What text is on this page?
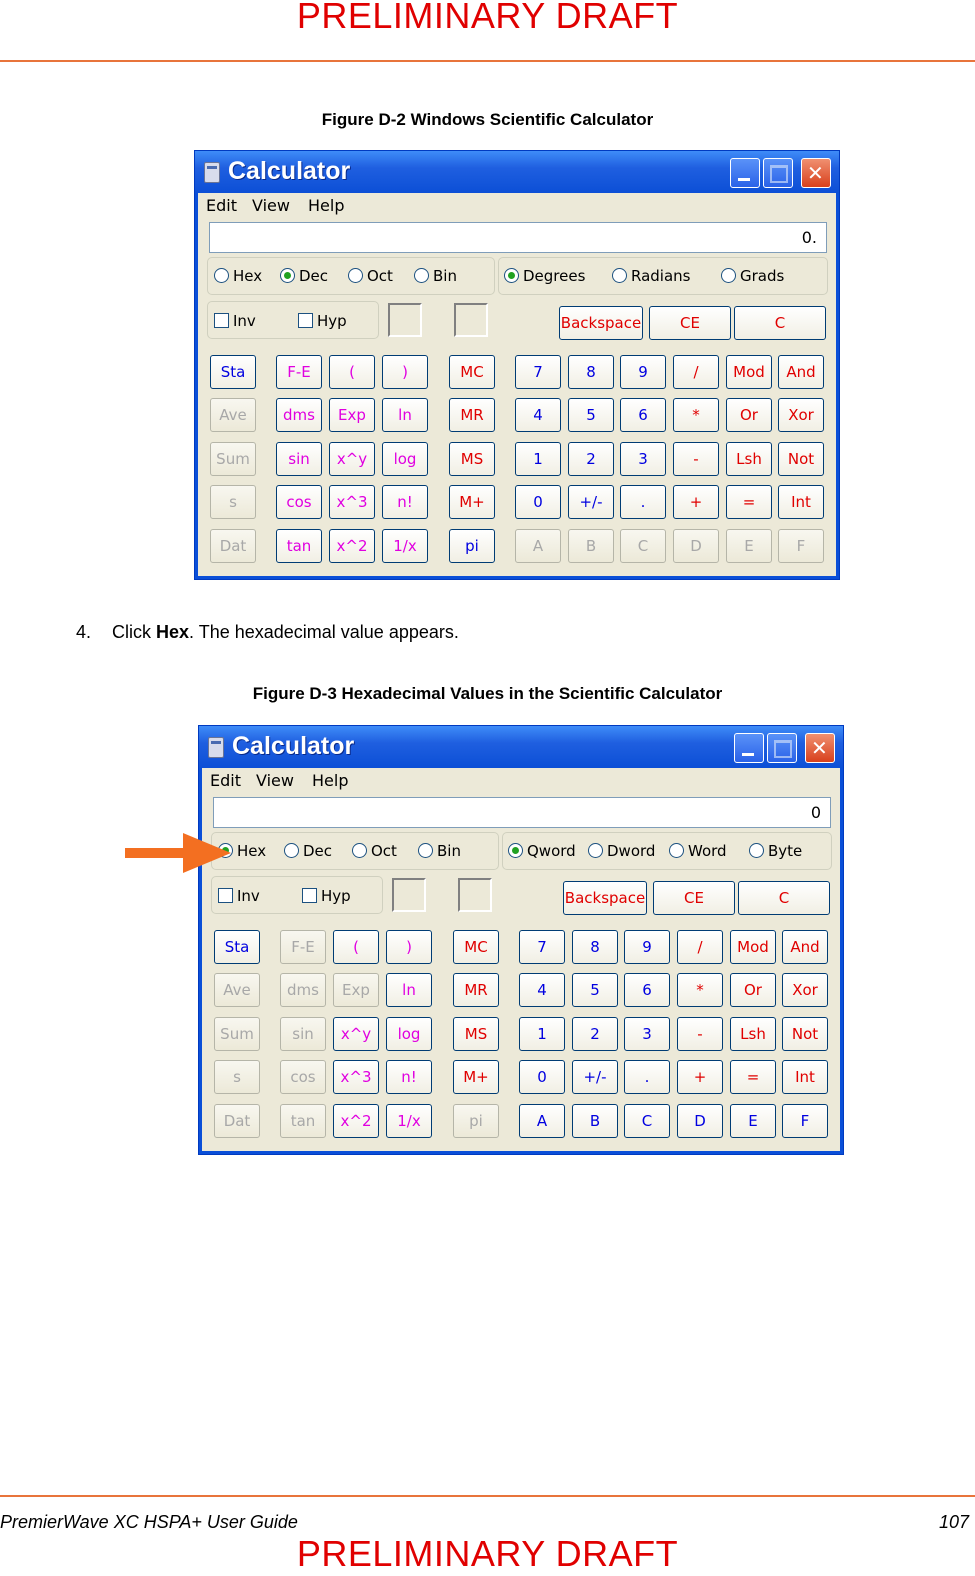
PRELIMINARY DRAFT
Figure D-2 Windows Scientific Calculator
Calculator
✕
Edit View Help
0.
Hex	Dec	Oct	Bin	Degrees	Radians	Grads
Inv	Hyp	Backspace	CE	C
Sta
Ave
Sum
s
Dat
F-E	(	)
dms	Exp	ln
sin	x^y	log
cos	x^3	n!
tan	x^2	1/x
MC
MR
MS
M+
pi
7	8	9	/	Mod	And
4	5	6	*	Or	Xor
1	2	3	-	Lsh	Not
0	+/-	.	+	=	Int
A	B	C	D	E	F
4. Click Hex. The hexadecimal value appears.
Figure D-3 Hexadecimal Values in the Scientific Calculator
Calculator
✕
Edit View Help
0
Hex	Dec	Oct	Bin	Qword	Dword	Word	Byte
Inv	Hyp	Backspace	CE	C
Sta
Ave
Sum
s
Dat
F-E	(	)
dms	Exp	ln
sin	x^y	log
cos	x^3	n!
tan	x^2	1/x
MC
MR
MS
M+
pi
7	8	9	/	Mod	And
4	5	6	*	Or	Xor
1	2	3	-	Lsh	Not
0	+/-	.	+	=	Int
A	B	C	D	E	F
PremierWave XC HSPA+ User Guide	107
PRELIMINARY DRAFT
